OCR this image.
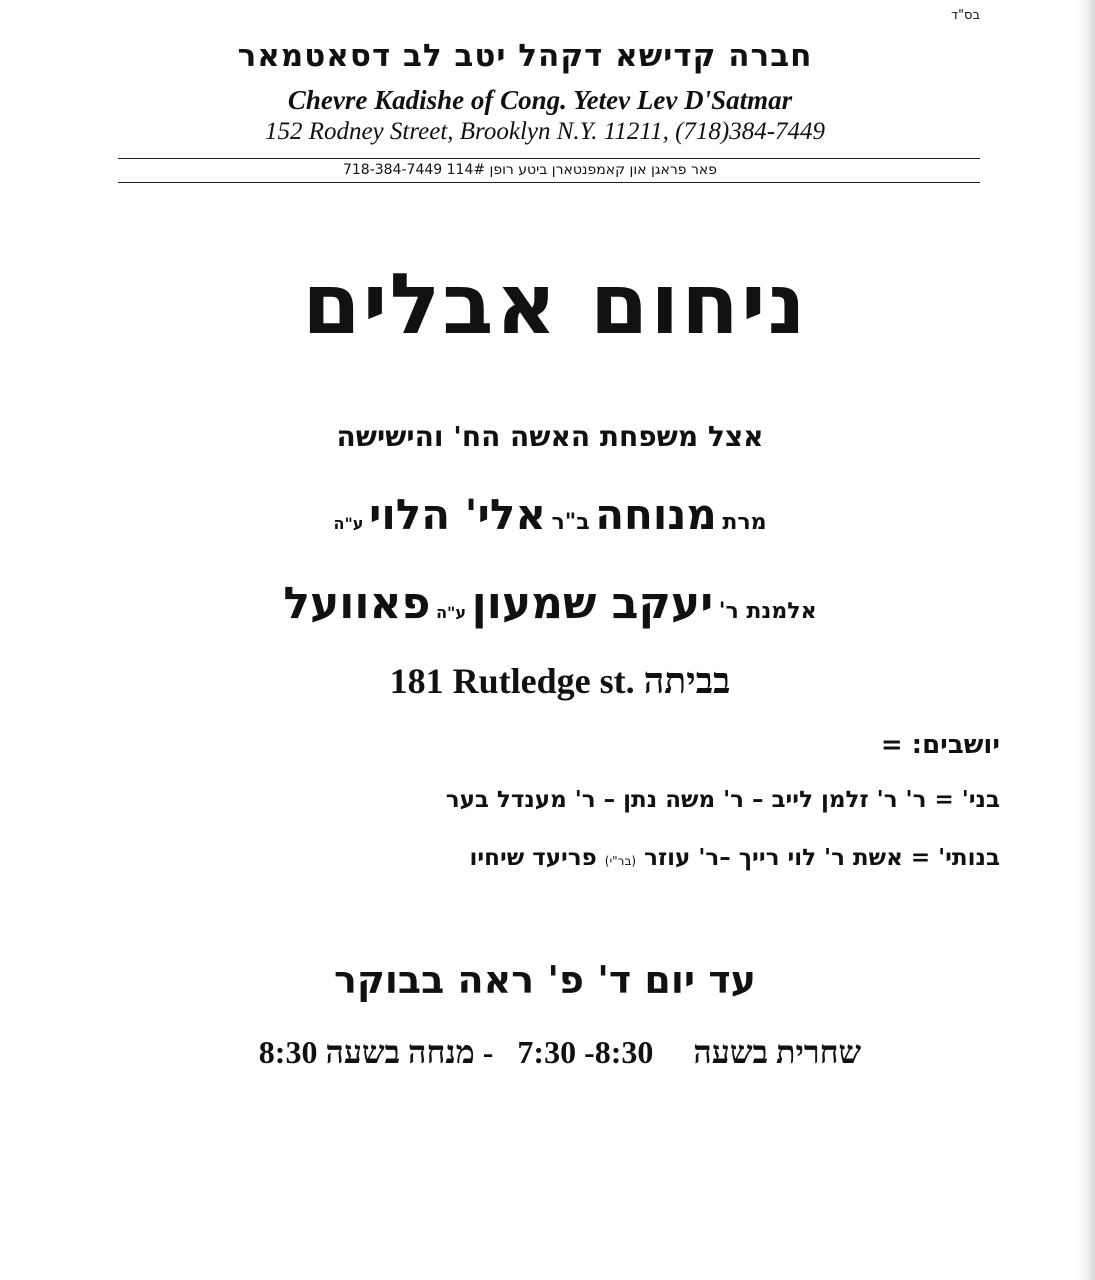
בס"ד
חברה קדישא דקהל יטב לב דסאטמאר
Chevre Kadishe of Cong. Yetev Lev D'Satmar
152 Rodney Street, Brooklyn N.Y. 11211, (718)384-7449
פאר פראגן און קאמפנטארן ביטע רופן 114# 718-384-7449
ניחום אבלים
אצל משפחת האשה הח' והישישה
מרת מנוחה ב"ר אלי' הלוי ע"ה
אלמנת ר' יעקב שמעון ע"ה פאוועל
בביתה 181 Rutledge st.
יושבים: =
בני' = ר' ר' זלמן לייב – ר' משה נתן – ר' מענדל בער
בנותי' = אשת ר' לוי רייך –ר' עוזר (בר"י) פריעד שיחיו
עד יום ד' פ' ראה בבוקר
שחרית בשעה     7:30 -8:30   - מנחה בשעה 8:30
